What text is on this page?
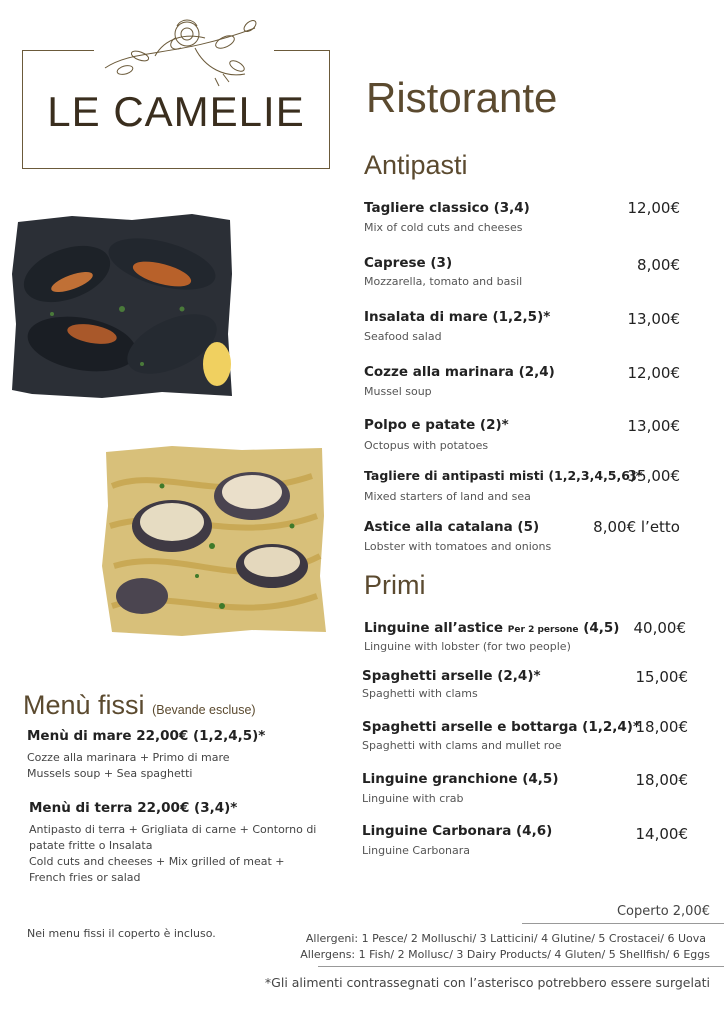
LE CAMELIE	Ristorante
Antipasti
Tagliere classico (3,4)
Mix of cold cuts and cheeses
12,00€
Caprese (3)
Mozzarella, tomato and basil
8,00€
Insalata di mare (1,2,5)*
Seafood salad
13,00€
Cozze alla marinara (2,4)
Mussel soup
12,00€
Polpo e patate (2)*
Octopus with potatoes
13,00€
Tagliere di antipasti misti (1,2,3,4,5,6)*
Mixed starters of land and sea
35,00€
Astice alla catalana (5)
Lobster with tomatoes and onions
8,00€ l’etto
Primi
Linguine all’astice Per 2 persone (4,5)
Linguine with lobster (for two people)
40,00€
Spaghetti arselle (2,4)*
Spaghetti with clams
15,00€
Spaghetti arselle e bottarga (1,2,4)*
Spaghetti with clams and mullet roe
18,00€
Linguine granchione (4,5)
Linguine with crab
18,00€
Linguine Carbonara (4,6)
Linguine Carbonara
14,00€
Menù fissi (Bevande escluse)
Menù di mare 22,00€ (1,2,4,5)*
Cozze alla marinara + Primo di mare
Mussels soup + Sea spaghetti
Menù di terra 22,00€ (3,4)*
Antipasto di terra + Grigliata di carne + Contorno di patate fritte o Insalata
Cold cuts and cheeses + Mix grilled of meat + French fries or salad
Nei menu fissi il coperto è incluso.
Coperto 2,00€
Allergeni: 1 Pesce/ 2 Molluschi/ 3 Latticini/ 4 Glutine/ 5 Crostacei/ 6 Uova
Allergens: 1 Fish/ 2 Mollusc/ 3 Dairy Products/ 4 Gluten/ 5 Shellfish/ 6 Eggs
*Gli alimenti contrassegnati con l’asterisco potrebbero essere surgelati
